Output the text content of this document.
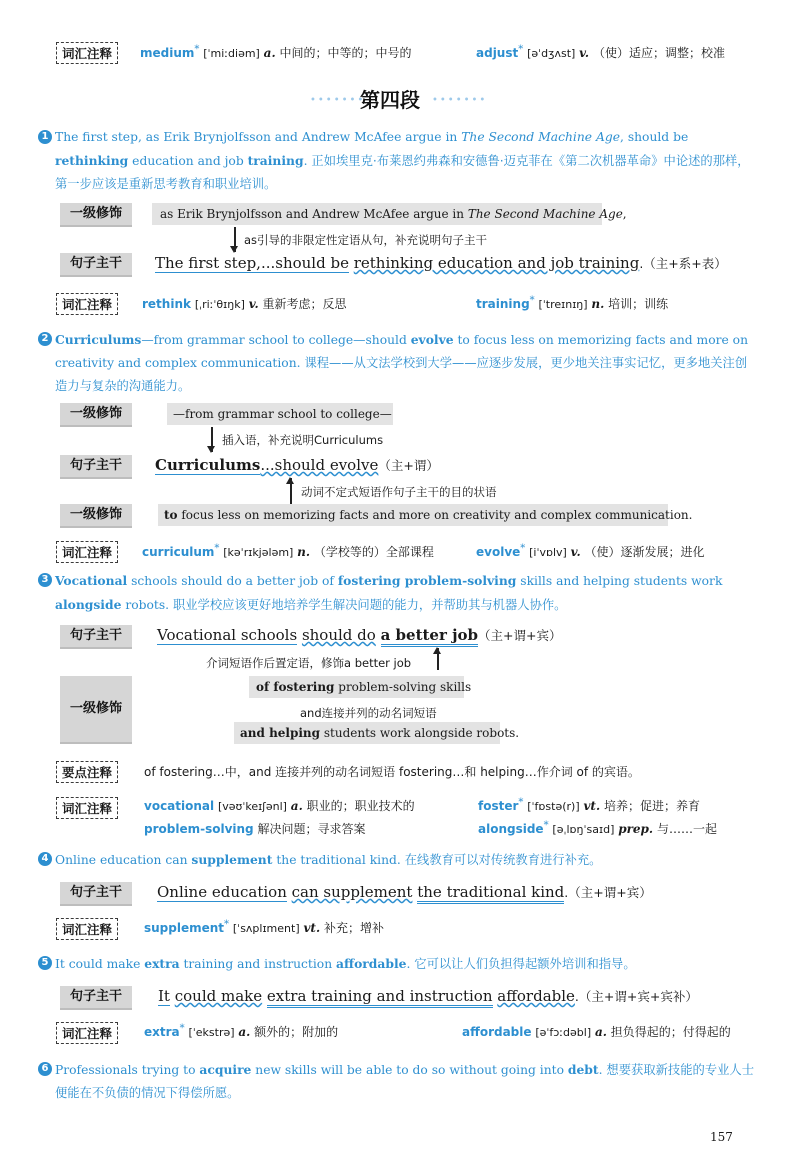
词汇注释	medium* [ˈmiːdiəm] a. 中间的；中等的；中号的	adjust* [əˈdʒʌst] v. （使）适应；调整；校准
•••••••
第四段 •••••••
1 The first step, as Erik Brynjolfsson and Andrew McAfee argue in The Second Machine Age, should be rethinking education and job training. 正如埃里克·布莱恩约弗森和安德鲁·迈克菲在《第二次机器革命》中论述的那样，第一步应该是重新思考教育和职业培训。
一级修饰	as Erik Brynjolfsson and Andrew McAfee argue in The Second Machine Age,
as引导的非限定性定语从句，补充说明句子主干
句子主干	The first step,...should be rethinking education and job training.（主+系+表）
词汇注释	rethink [ˌriːˈθɪŋk] v. 重新考虑；反思	training* [ˈtreɪnɪŋ] n. 培训；训练
2 Curriculums—from grammar school to college—should evolve to focus less on memorizing facts and more on creativity and complex communication. 课程——从文法学校到大学——应逐步发展，更少地关注事实记忆，更多地关注创造力与复杂的沟通能力。
一级修饰	—from grammar school to college—
插入语，补充说明Curriculums
句子主干	Curriculums...should evolve（主+谓）
动词不定式短语作句子主干的目的状语
一级修饰	to focus less on memorizing facts and more on creativity and complex communication.
词汇注释	curriculum* [kəˈrɪkjələm] n. （学校等的）全部课程	evolve* [iˈvɒlv] v. （使）逐渐发展；进化
3 Vocational schools should do a better job of fostering problem-solving skills and helping students work alongside robots. 职业学校应该更好地培养学生解决问题的能力，并帮助其与机器人协作。
句子主干	Vocational schools should do a better job（主+谓+宾）
介词短语作后置定语，修饰a better job
一级修饰
of fostering problem-solving skills
and连接并列的动名词短语
and helping students work alongside robots.
要点注释	of fostering…中，and 连接并列的动名词短语 fostering…和 helping…作介词 of 的宾语。
词汇注释	vocational [vəʊˈkeɪʃənl] a. 职业的；职业技术的	foster* [ˈfɒstə(r)] vt. 培养；促进；养育
problem-solving 解决问题；寻求答案	alongside* [əˌlɒŋˈsaɪd] prep. 与……一起
4 Online education can supplement the traditional kind. 在线教育可以对传统教育进行补充。
句子主干	Online education can supplement the traditional kind.（主+谓+宾）
词汇注释	supplement* [ˈsʌplɪment] vt. 补充；增补
5 It could make extra training and instruction affordable. 它可以让人们负担得起额外培训和指导。
句子主干	It could make extra training and instruction affordable.（主+谓+宾+宾补）
词汇注释	extra* [ˈekstrə] a. 额外的；附加的	affordable [əˈfɔːdəbl] a. 担负得起的；付得起的
6 Professionals trying to acquire new skills will be able to do so without going into debt. 想要获取新技能的专业人士便能在不负债的情况下得偿所愿。
157
